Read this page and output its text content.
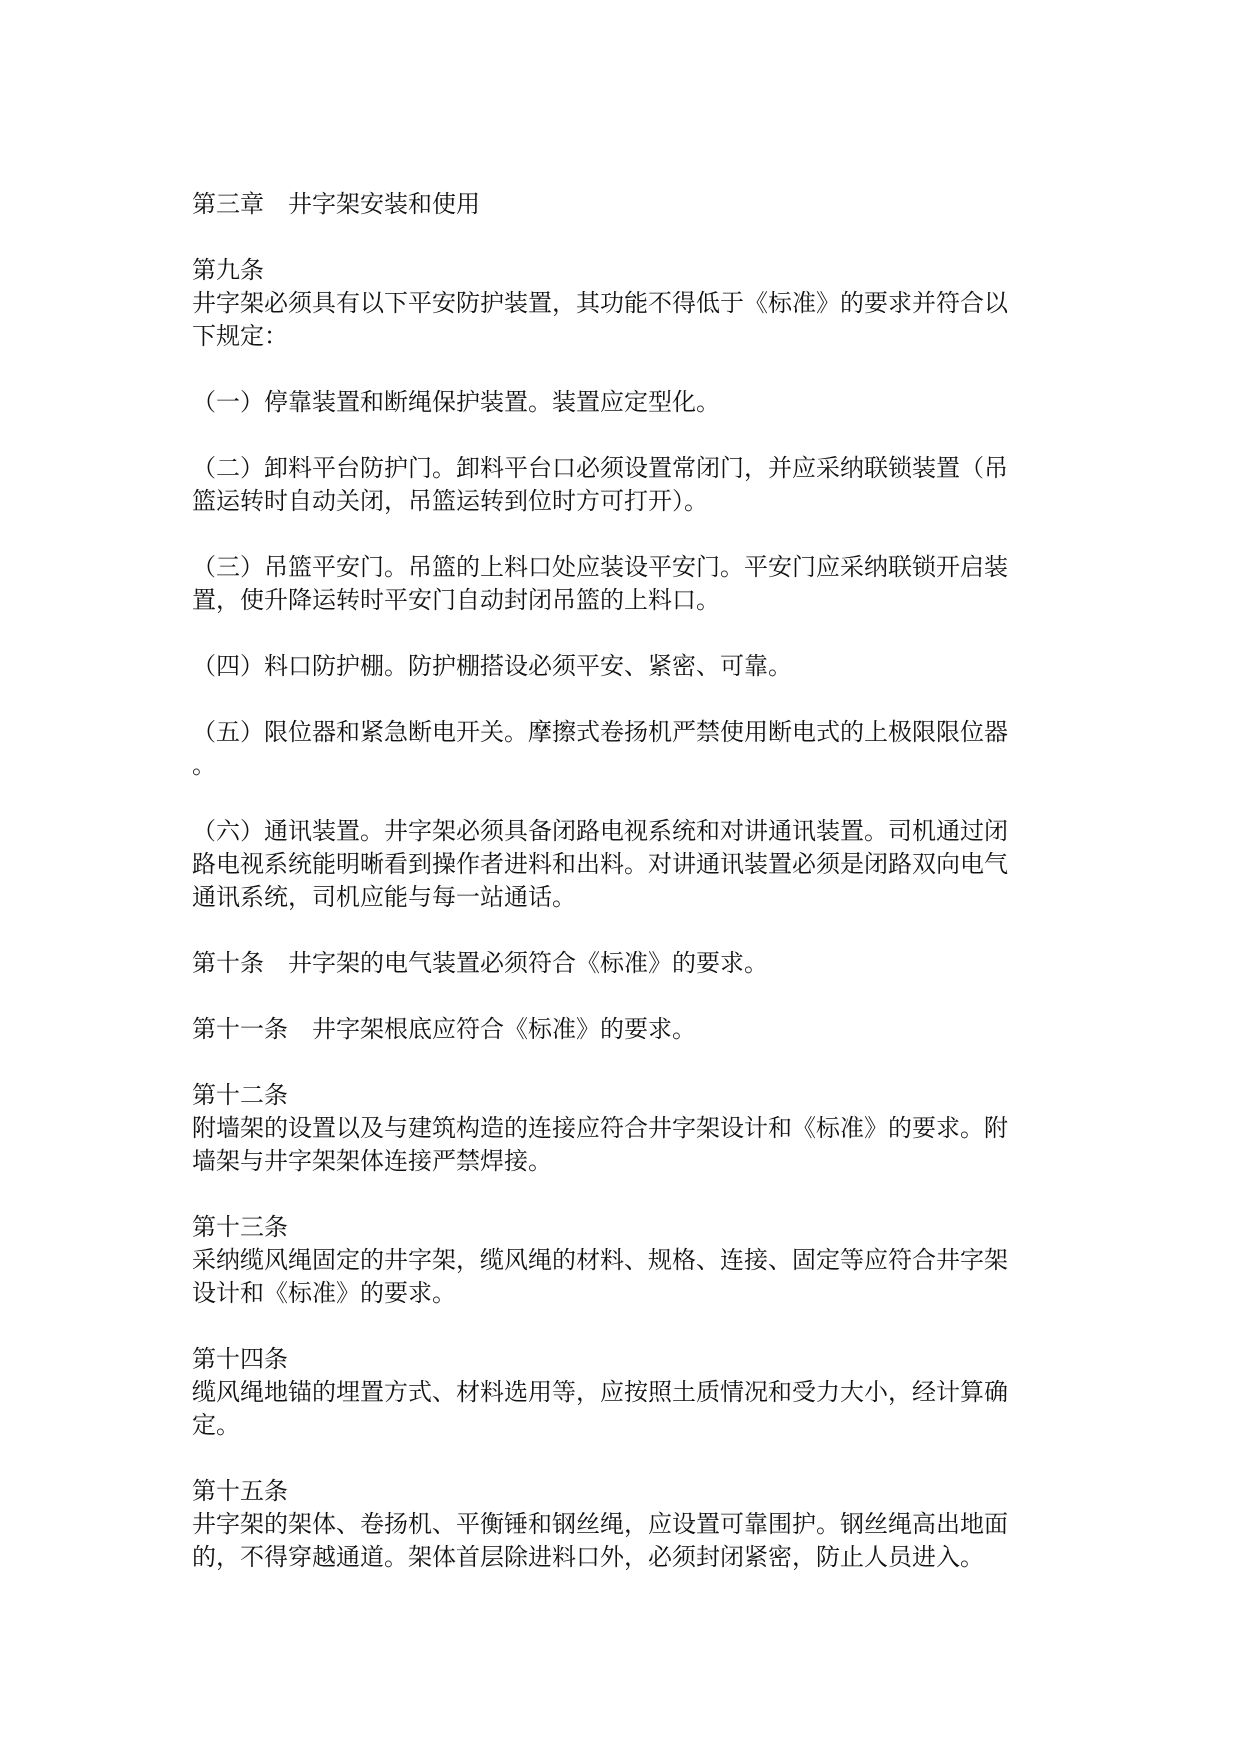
第三章　井字架安装和使用
第九条
井字架必须具有以下平安防护装置，其功能不得低于《标准》的要求并符合以
下规定：
（一）停靠装置和断绳保护装置。装置应定型化。
（二）卸料平台防护门。卸料平台口必须设置常闭门，并应采纳联锁装置（吊
篮运转时自动关闭，吊篮运转到位时方可打开）。
（三）吊篮平安门。吊篮的上料口处应装设平安门。平安门应采纳联锁开启装
置，使升降运转时平安门自动封闭吊篮的上料口。
（四）料口防护棚。防护棚搭设必须平安、紧密、可靠。
（五）限位器和紧急断电开关。摩擦式卷扬机严禁使用断电式的上极限限位器
。
（六）通讯装置。井字架必须具备闭路电视系统和对讲通讯装置。司机通过闭
路电视系统能明晰看到操作者进料和出料。对讲通讯装置必须是闭路双向电气
通讯系统，司机应能与每一站通话。
第十条　井字架的电气装置必须符合《标准》的要求。
第十一条　井字架根底应符合《标准》的要求。
第十二条
附墙架的设置以及与建筑构造的连接应符合井字架设计和《标准》的要求。附
墙架与井字架架体连接严禁焊接。
第十三条
采纳缆风绳固定的井字架，缆风绳的材料、规格、连接、固定等应符合井字架
设计和《标准》的要求。
第十四条
缆风绳地锚的埋置方式、材料选用等，应按照土质情况和受力大小，经计算确
定。
第十五条
井字架的架体、卷扬机、平衡锤和钢丝绳，应设置可靠围护。钢丝绳高出地面
的，不得穿越通道。架体首层除进料口外，必须封闭紧密，防止人员进入。
